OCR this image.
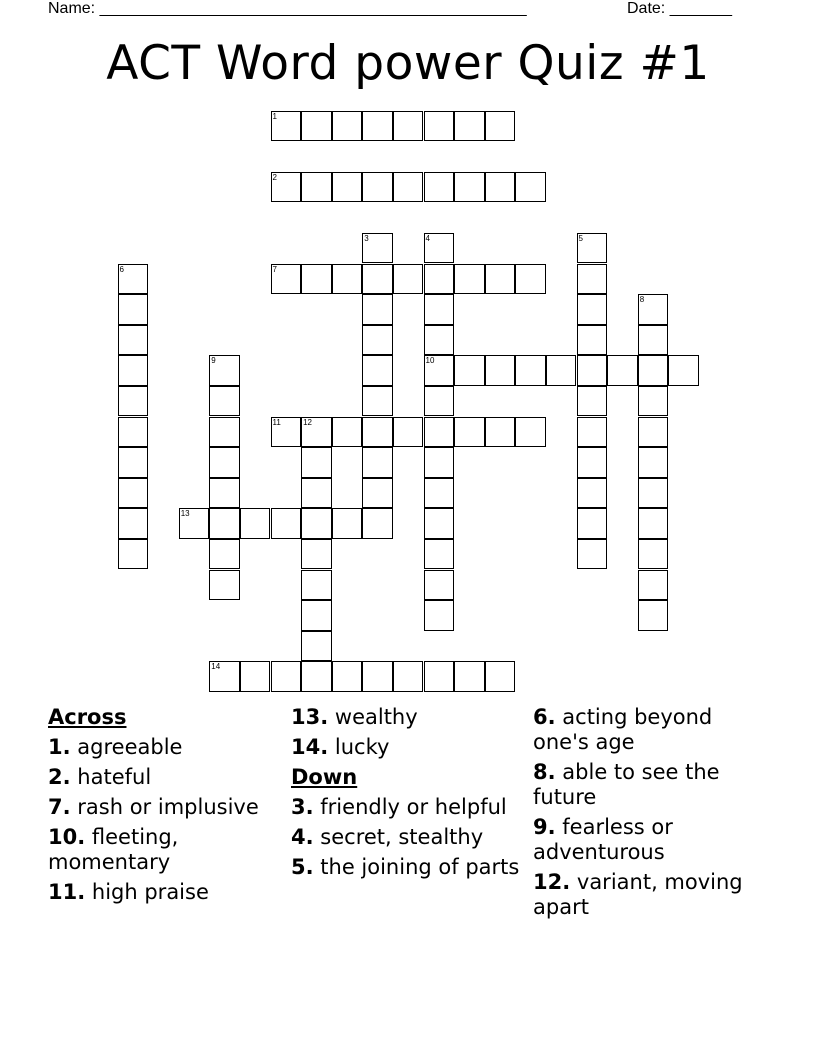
Name: ________________________________________________	Date: _______
ACT Word power Quiz #1
1
2
3	4
10
5
6	7
8
9
11	12
13
14
Across
1. agreeable
2. hateful
7. rash or implusive
10. fleeting, momentary
11. high praise
13. wealthy
14. lucky
Down
3. friendly or helpful
4. secret, stealthy
5. the joining of parts
6. acting beyond one's age
8. able to see the future
9. fearless or adventurous
12. variant, moving apart
